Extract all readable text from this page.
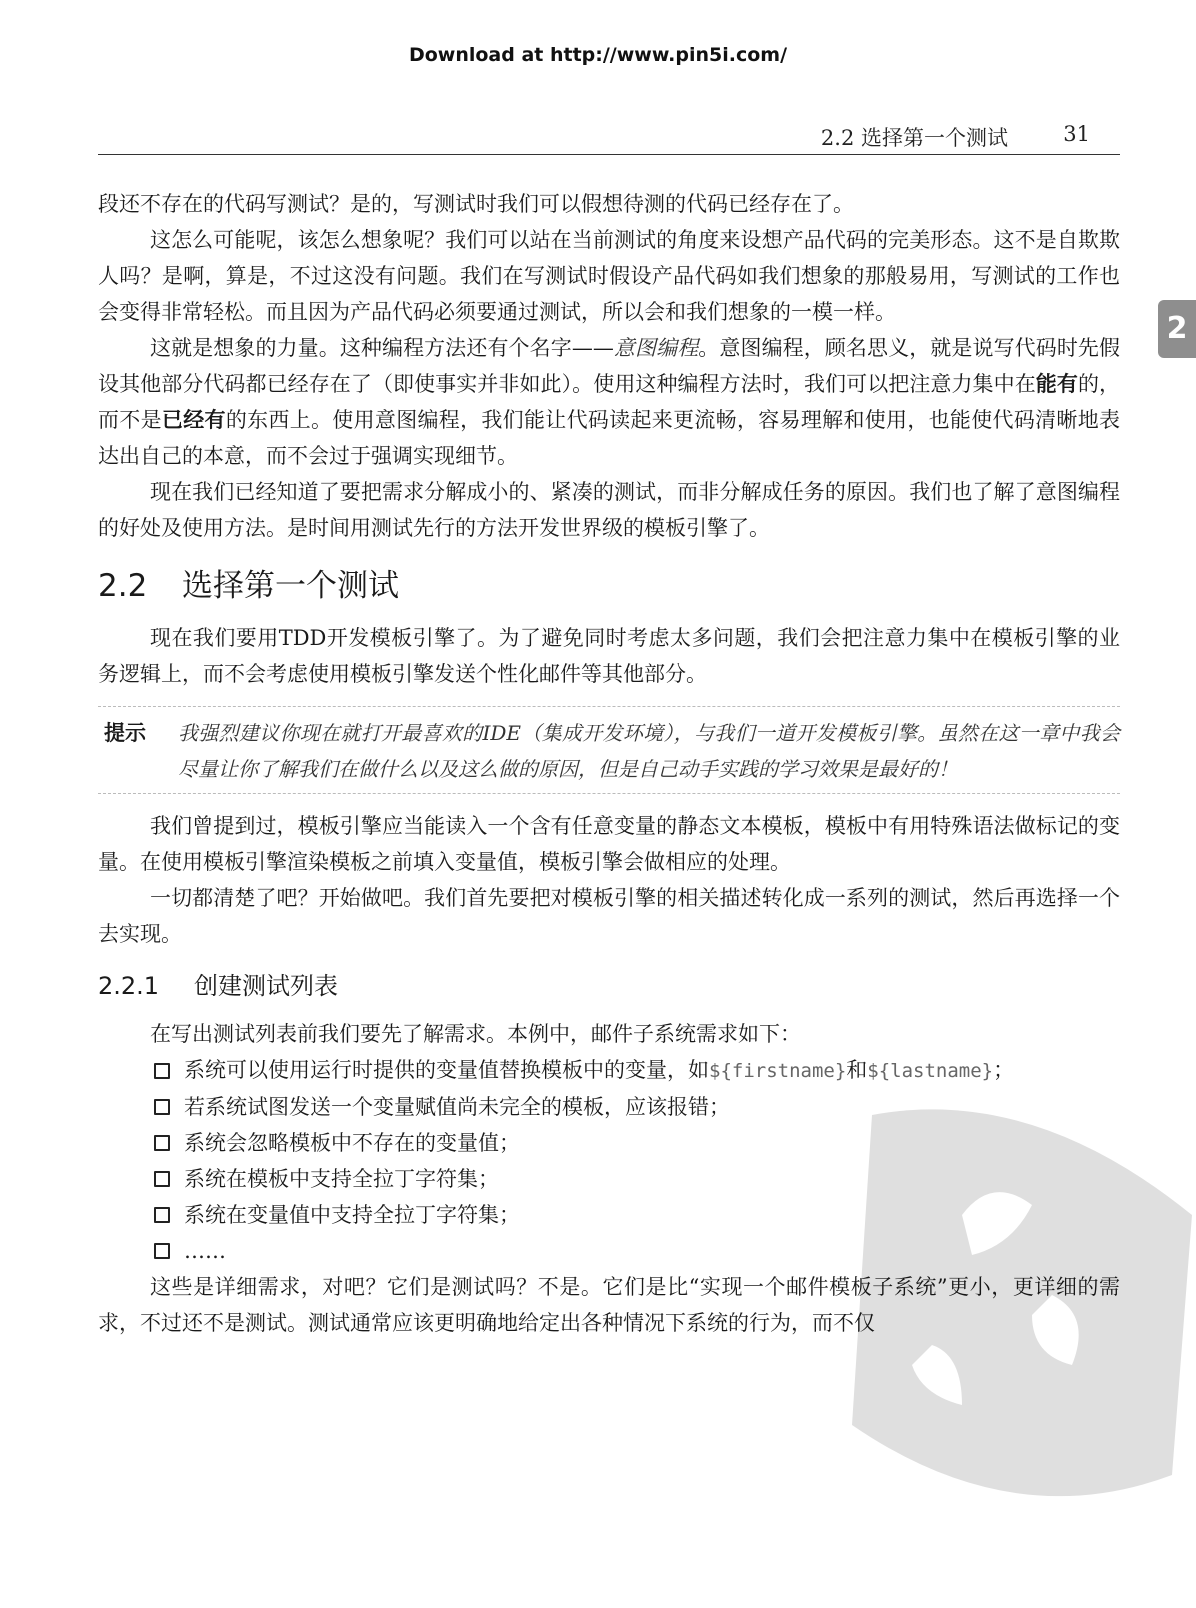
Download at http://www.pin5i.com/
2.2 选择第一个测试	31
2

段还不存在的代码写测试？是的，写测试时我们可以假想待测的代码已经存在了。

这怎么可能呢，该怎么想象呢？我们可以站在当前测试的角度来设想产品代码的完美形态。这不是自欺欺人吗？是啊，算是，不过这没有问题。我们在写测试时假设产品代码如我们想象的那般易用，写测试的工作也会变得非常轻松。而且因为产品代码必须要通过测试，所以会和我们想象的一模一样。

这就是想象的力量。这种编程方法还有个名字——意图编程。意图编程，顾名思义，就是说写代码时先假设其他部分代码都已经存在了（即使事实并非如此）。使用这种编程方法时，我们可以把注意力集中在能有的，而不是已经有的东西上。使用意图编程，我们能让代码读起来更流畅，容易理解和使用，也能使代码清晰地表达出自己的本意，而不会过于强调实现细节。

现在我们已经知道了要把需求分解成小的、紧凑的测试，而非分解成任务的原因。我们也了解了意图编程的好处及使用方法。是时间用测试先行的方法开发世界级的模板引擎了。

2.2 选择第一个测试

现在我们要用TDD开发模板引擎了。为了避免同时考虑太多问题，我们会把注意力集中在模板引擎的业务逻辑上，而不会考虑使用模板引擎发送个性化邮件等其他部分。

提示	我强烈建议你现在就打开最喜欢的IDE（集成开发环境），与我们一道开发模板引擎。虽然在这一章中我会尽量让你了解我们在做什么以及这么做的原因，但是自己动手实践的学习效果是最好的！

我们曾提到过，模板引擎应当能读入一个含有任意变量的静态文本模板，模板中有用特殊语法做标记的变量。在使用模板引擎渲染模板之前填入变量值，模板引擎会做相应的处理。

一切都清楚了吧？开始做吧。我们首先要把对模板引擎的相关描述转化成一系列的测试，然后再选择一个去实现。

2.2.1 创建测试列表

在写出测试列表前我们要先了解需求。本例中，邮件子系统需求如下：

系统可以使用运行时提供的变量值替换模板中的变量，如${firstname}和${lastname}；
若系统试图发送一个变量赋值尚未完全的模板，应该报错；
系统会忽略模板中不存在的变量值；
系统在模板中支持全拉丁字符集；
系统在变量值中支持全拉丁字符集；
……

这些是详细需求，对吧？它们是测试吗？不是。它们是比“实现一个邮件模板子系统”更小，更详细的需求，不过还不是测试。测试通常应该更明确地给定出各种情况下系统的行为，而不仅
